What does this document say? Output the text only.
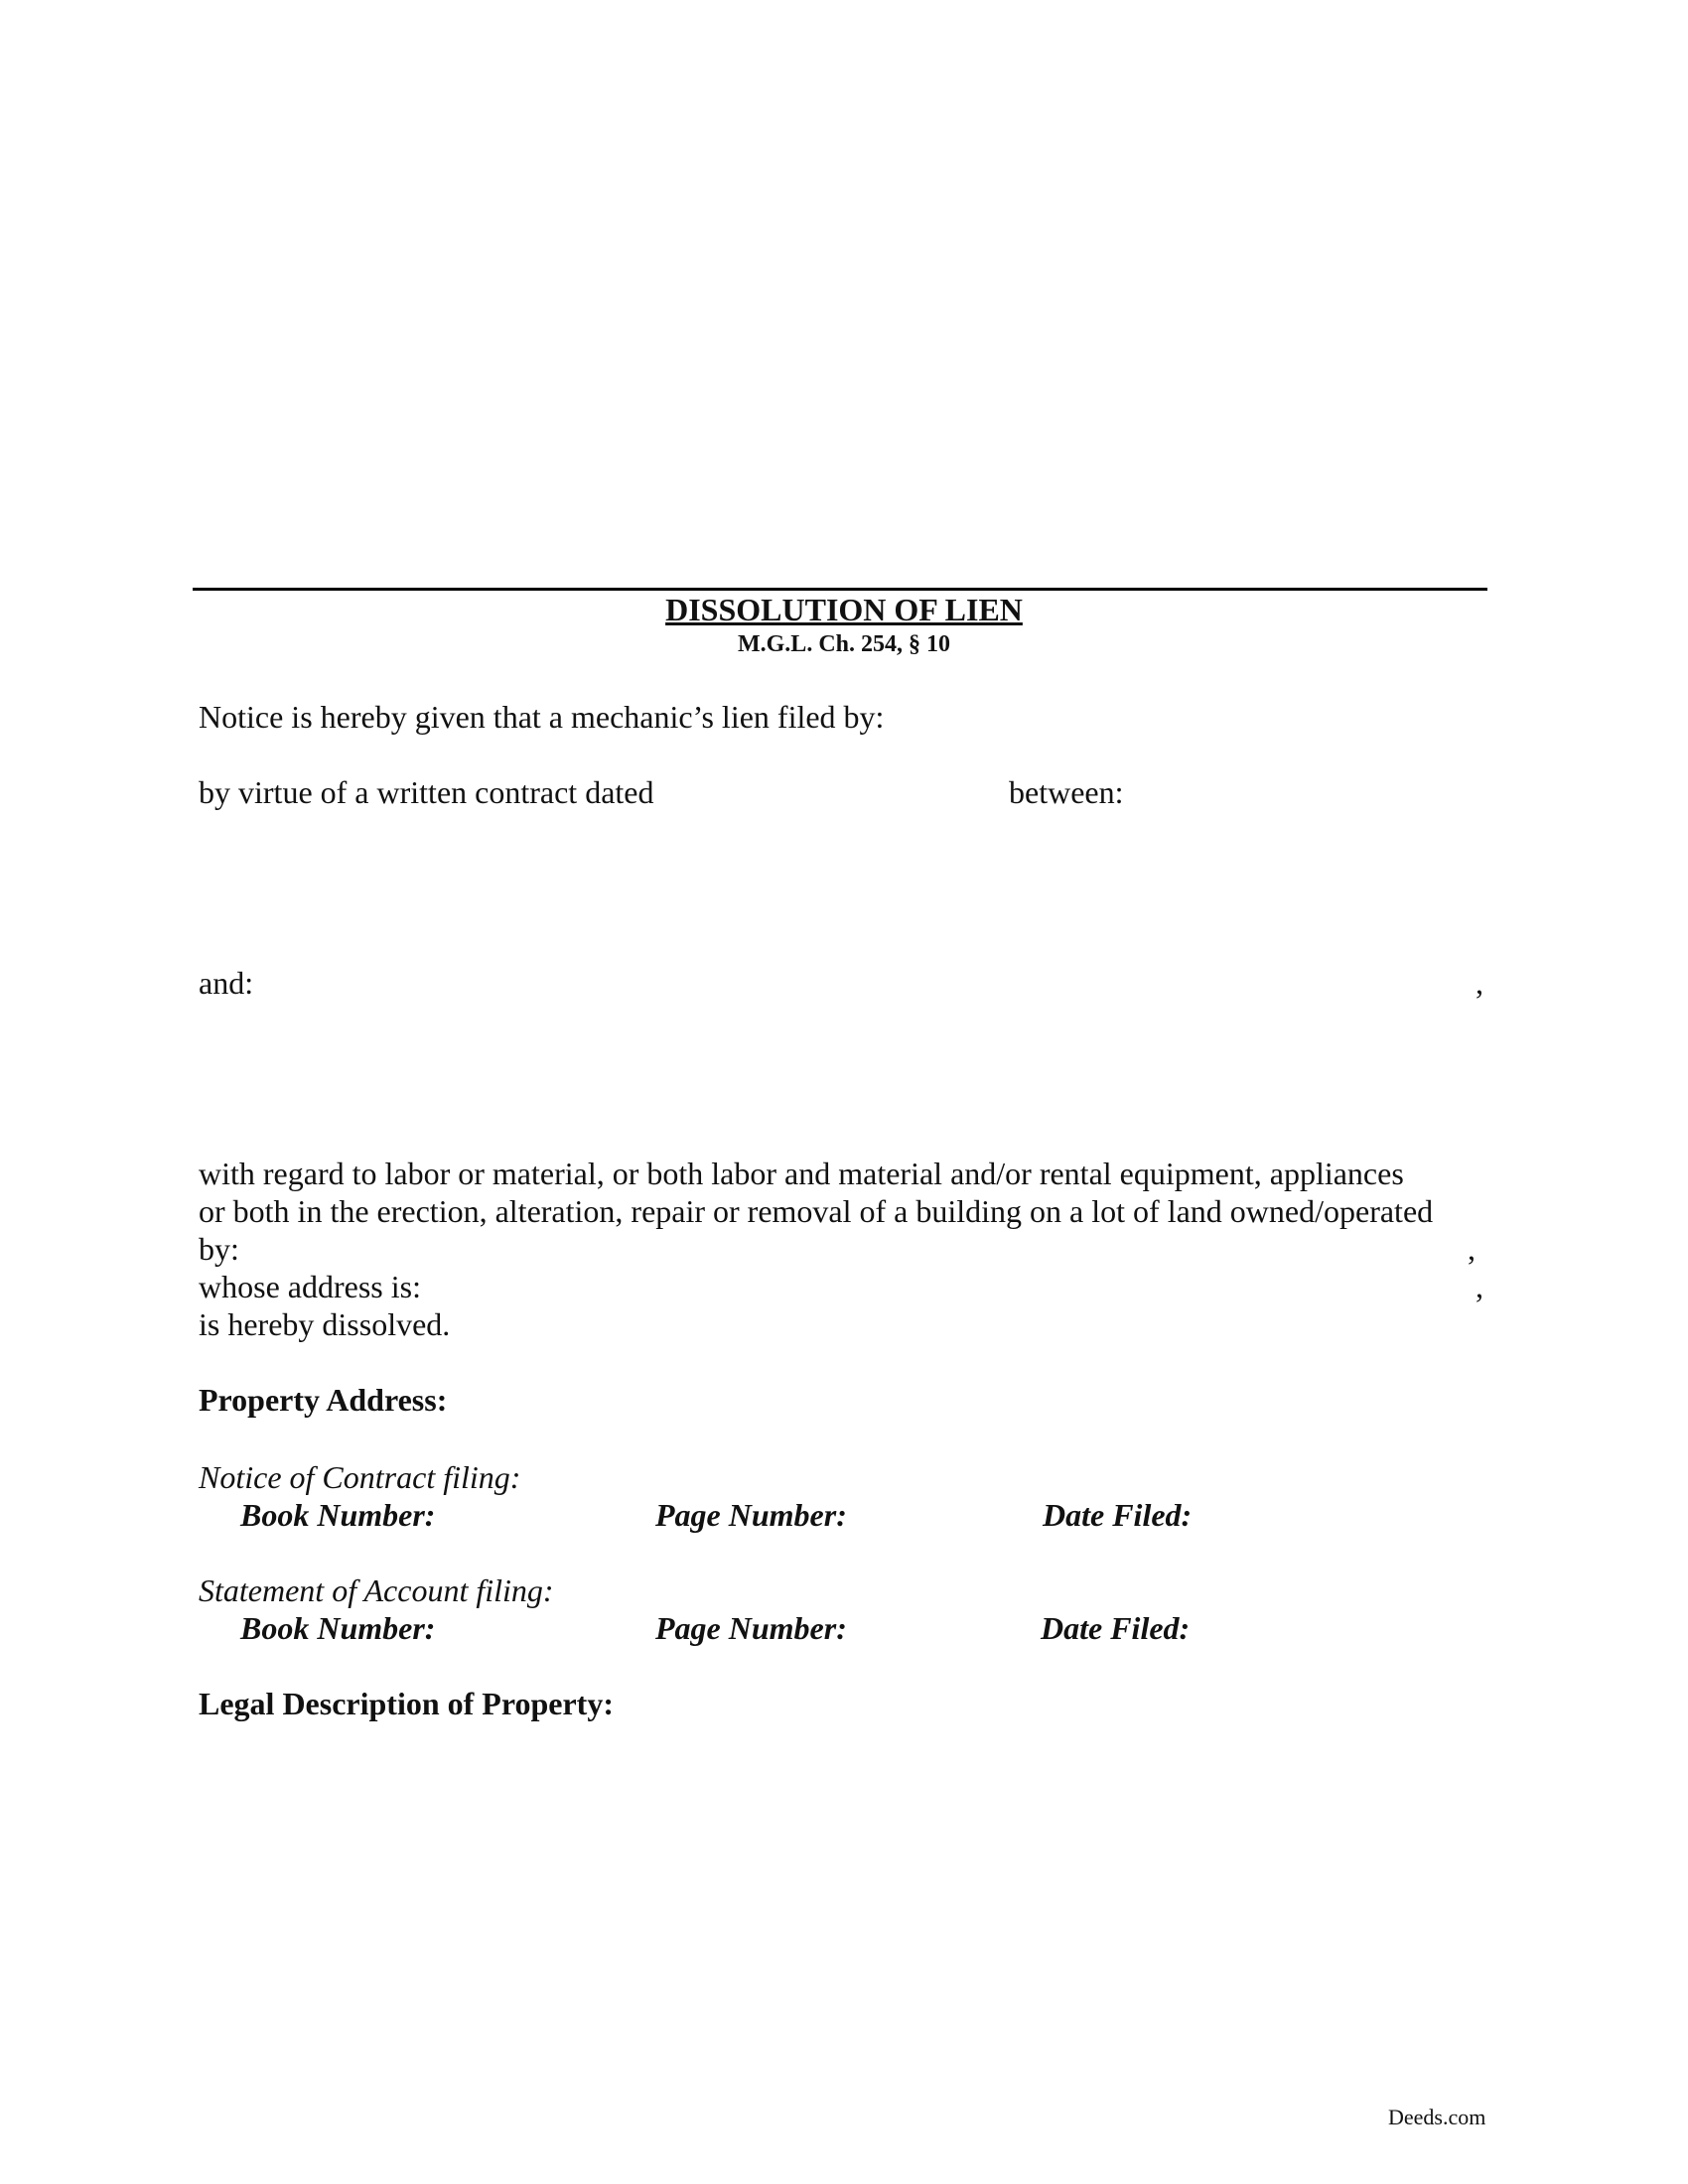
DISSOLUTION OF LIEN
M.G.L. Ch. 254, § 10
Notice is hereby given that a mechanic’s lien filed by:
by virtue of a written contract dated	between:
and:	,
with regard to labor or material, or both labor and material and/or rental equipment, appliances
or both in the erection, alteration, repair or removal of a building on a lot of land owned/operated
by:	,
whose address is:	,
is hereby dissolved.
Property Address:
Notice of Contract filing:
Book Number:	Page Number:	Date Filed:
Statement of Account filing:
Book Number:	Page Number:	Date Filed:
Legal Description of Property:
Deeds.com
